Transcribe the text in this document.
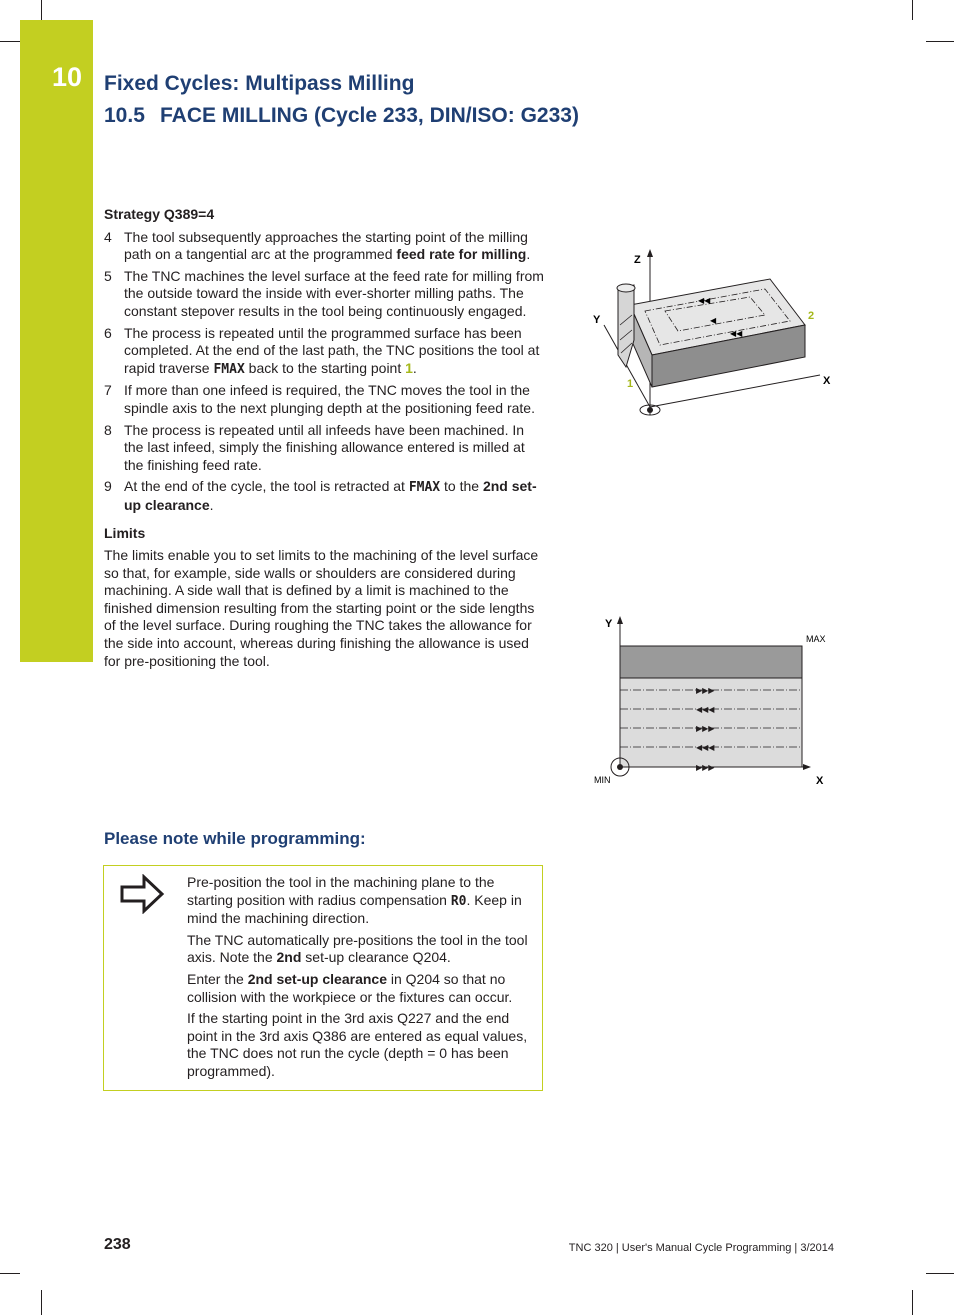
10 Fixed Cycles: Multipass Milling
10.5 FACE MILLING (Cycle 233, DIN/ISO: G233)
Strategy Q389=4
4 The tool subsequently approaches the starting point of the milling path on a tangential arc at the programmed feed rate for milling.
5 The TNC machines the level surface at the feed rate for milling from the outside toward the inside with ever-shorter milling paths. The constant stepover results in the tool being continuously engaged.
6 The process is repeated until the programmed surface has been completed. At the end of the last path, the TNC positions the tool at rapid traverse FMAX back to the starting point 1.
7 If more than one infeed is required, the TNC moves the tool in the spindle axis to the next plunging depth at the positioning feed rate.
8 The process is repeated until all infeeds have been machined. In the last infeed, simply the finishing allowance entered is milled at the finishing feed rate.
9 At the end of the cycle, the tool is retracted at FMAX to the 2nd set-up clearance.
Limits

The limits enable you to set limits to the machining of the level surface so that, for example, side walls or shoulders are considered during machining. A side wall that is defined by a limit is machined to the finished dimension resulting from the starting point or the side lengths of the level surface. During roughing the TNC takes the allowance for the side into account, whereas during finishing the allowance is used for pre-positioning the tool.

Z
X
Y
◀◀
◀◀
◀
1
2
Y
X
▶▶▶
◀◀◀
▶▶▶
◀◀◀
▶▶▶
MAX
MIN
Please note while programming:

Pre-position the tool in the machining plane to the starting position with radius compensation R0. Keep in mind the machining direction.

The TNC automatically pre-positions the tool in the tool axis. Note the 2nd set-up clearance Q204.

Enter the 2nd set-up clearance in Q204 so that no collision with the workpiece or the fixtures can occur.

If the starting point in the 3rd axis Q227 and the end point in the 3rd axis Q386 are entered as equal values, the TNC does not run the cycle (depth = 0 has been programmed).

238	TNC 320 | User's Manual Cycle Programming | 3/2014
